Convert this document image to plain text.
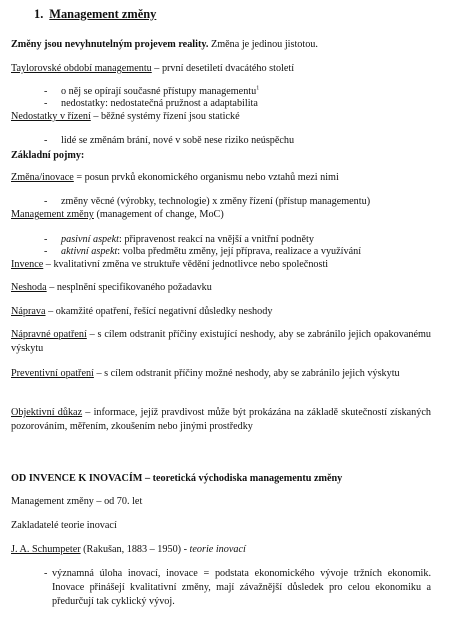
1. Management změny
Změny jsou nevyhnutelným projevem reality. Změna je jedinou jistotou.
Taylorovské období managementu – první desetiletí dvacátého století
- o něj se opírají současné přístupy managementu$^1$
- nedostatky: nedostatečná pružnost a adaptabilita
Nedostatky v řízení – běžné systémy řízení jsou statické
- lidé se změnám brání, nové v sobě nese riziko neúspěchu
Základní pojmy:
Změna/inovace = posun prvků ekonomického organismu nebo vztahů mezi nimi
- změny věcné (výrobky, technologie) x změny řízení (přístup managementu)
Management změny (management of change, MoC)
- pasivní aspekt: připravenost reakcí na vnější a vnitřní podněty
- aktivní aspekt: volba předmětu změny, její příprava, realizace a využívání
Invence – kvalitativní změna ve struktuře vědění jednotlivce nebo společnosti
Neshoda – nesplnění specifikovaného požadavku
Náprava – okamžité opatření, řešící negativní důsledky neshody
Nápravné opatření – s cílem odstranit příčiny existující neshody, aby se zabránilo jejich opakovanému výskytu
Preventivní opatření – s cílem odstranit příčiny možné neshody, aby se zabránilo jejich výskytu
Objektivní důkaz – informace, jejíž pravdivost může být prokázána na základě skutečností získaných pozorováním, měřením, zkoušením nebo jinými prostředky
OD INVENCE K INOVACÍM – teoretická východiska managementu změny
Management změny – od 70. let
Zakladatelé teorie inovací
J. A. Schumpeter (Rakušan, 1883 – 1950) - teorie inovací
- významná úloha inovací, inovace = podstata ekonomického vývoje tržních ekonomik. Inovace přinášejí kvalitativní změny, mají závažnější důsledek pro celou ekonomiku a předurčují tak cyklický vývoj.
